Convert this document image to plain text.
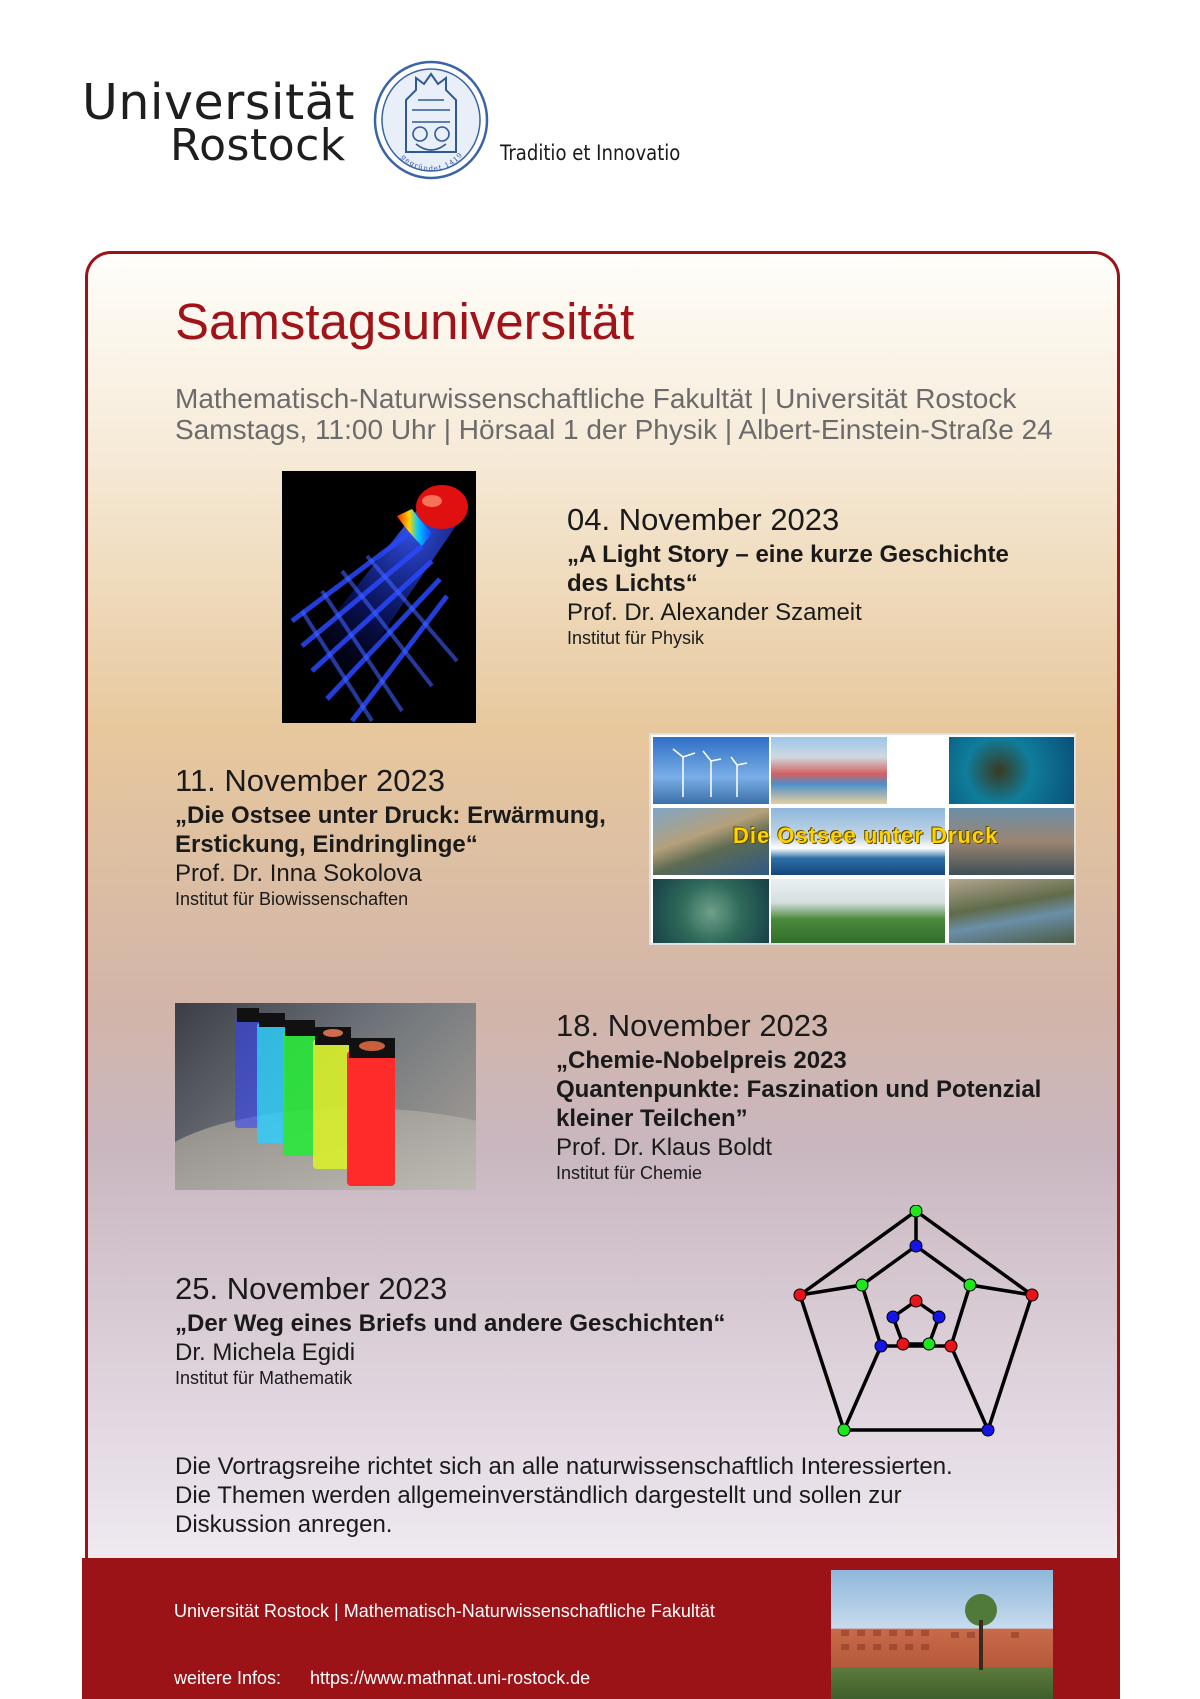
Universität
Rostock	gegründet 1419 Traditio et Innovatio
Samstagsuniversität
Mathematisch-Naturwissenschaftliche Fakultät | Universität Rostock
Samstags, 11:00 Uhr | Hörsaal 1 der Physik | Albert-Einstein-Straße 24
04. November 2023
„A Light Story – eine kurze Geschichte
des Lichts“
Prof. Dr. Alexander Szameit
Institut für Physik
11. November 2023
„Die Ostsee unter Druck: Erwärmung,
Erstickung, Eindringlinge“
Prof. Dr. Inna Sokolova
Institut für Biowissenschaften
Die Ostsee unter Druck
18. November 2023
„Chemie-Nobelpreis 2023
Quantenpunkte: Faszination und Potenzial
kleiner Teilchen”
Prof. Dr. Klaus Boldt
Institut für Chemie
25. November 2023
„Der Weg eines Briefs und andere Geschichten“
Dr. Michela Egidi
Institut für Mathematik
Die Vortragsreihe richtet sich an alle naturwissenschaftlich Interessierten.
Die Themen werden allgemeinverständlich dargestellt und sollen zur
Diskussion anregen.
Universität Rostock | Mathematisch-Naturwissenschaftliche Fakultät
weitere Infos: https://www.mathnat.uni-rostock.de
